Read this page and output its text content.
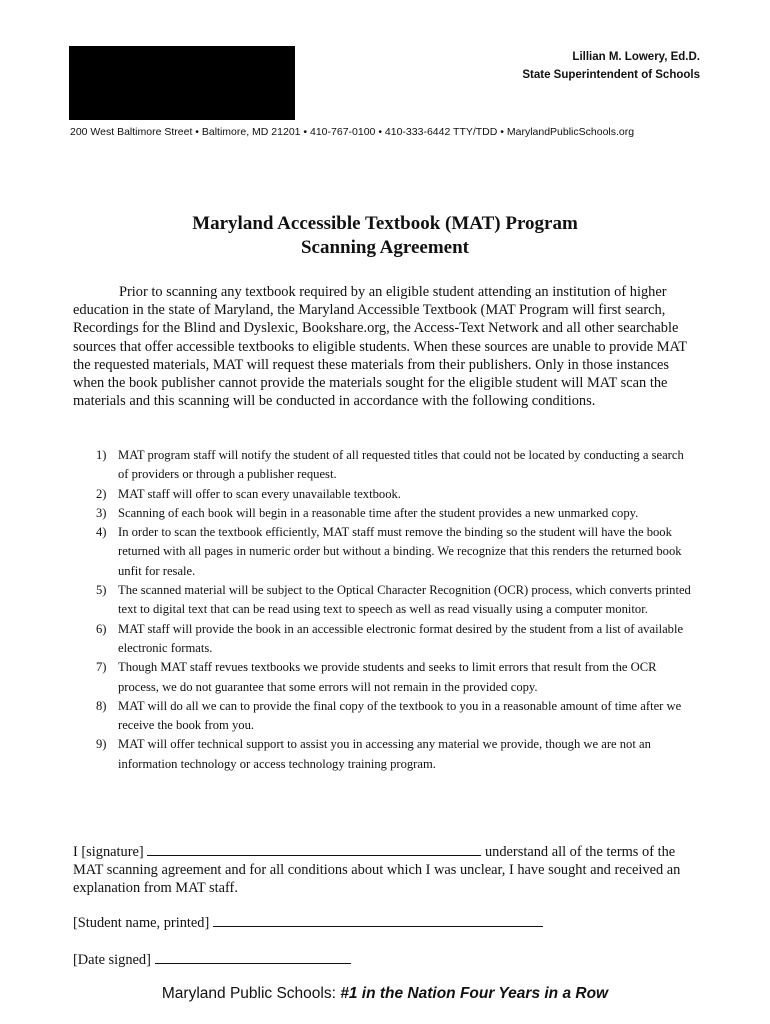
Lillian M. Lowery, Ed.D.
State Superintendent of Schools
200 West Baltimore Street • Baltimore, MD 21201 • 410-767-0100 • 410-333-6442 TTY/TDD • MarylandPublicSchools.org
Maryland Accessible Textbook (MAT) Program
Scanning Agreement

Prior to scanning any textbook required by an eligible student attending an institution of higher education in the state of Maryland, the Maryland Accessible Textbook (MAT Program will first search, Recordings for the Blind and Dyslexic, Bookshare.org, the Access-Text Network and all other searchable sources that offer accessible textbooks to eligible students. When these sources are unable to provide MAT the requested materials, MAT will request these materials from their publishers. Only in those instances when the book publisher cannot provide the materials sought for the eligible student will MAT scan the materials and this scanning will be conducted in accordance with the following conditions.

1) MAT program staff will notify the student of all requested titles that could not be located by conducting a search of providers or through a publisher request.
2) MAT staff will offer to scan every unavailable textbook.
3) Scanning of each book will begin in a reasonable time after the student provides a new unmarked copy.
4) In order to scan the textbook efficiently, MAT staff must remove the binding so the student will have the book returned with all pages in numeric order but without a binding. We recognize that this renders the returned book unfit for resale.
5) The scanned material will be subject to the Optical Character Recognition (OCR) process, which converts printed text to digital text that can be read using text to speech as well as read visually using a computer monitor.
6) MAT staff will provide the book in an accessible electronic format desired by the student from a list of available electronic formats.
7) Though MAT staff revues textbooks we provide students and seeks to limit errors that result from the OCR process, we do not guarantee that some errors will not remain in the provided copy.
8) MAT will do all we can to provide the final copy of the textbook to you in a reasonable amount of time after we receive the book from you.
9) MAT will offer technical support to assist you in accessing any material we provide, though we are not an information technology or access technology training program.

I [signature]	understand all of the terms of the MAT scanning agreement and for all conditions about which I was unclear, I have sought and received an explanation from MAT staff.

[Student name, printed]
[Date signed]
Maryland Public Schools: #1 in the Nation Four Years in a Row
